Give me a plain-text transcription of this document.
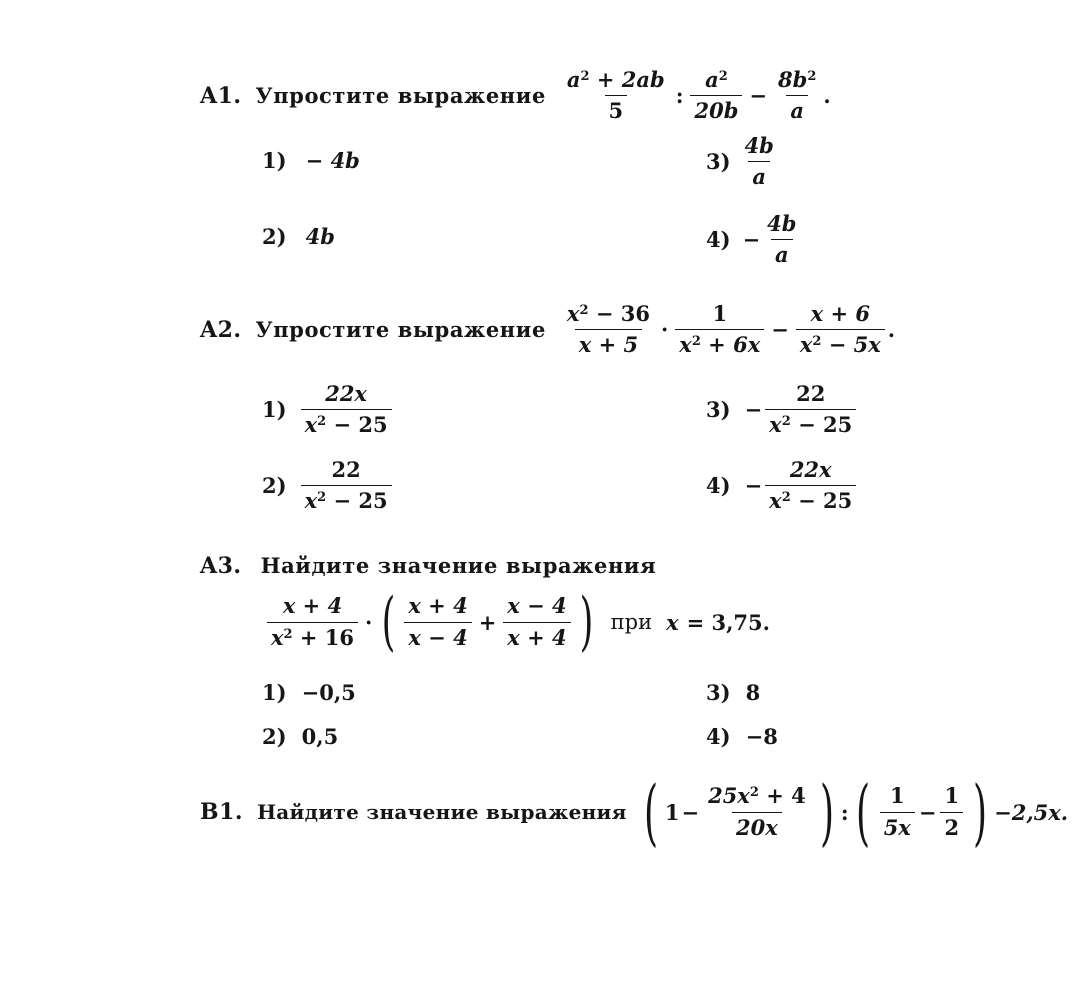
A1. Упростите выражение $\frac{a^2 + 2ab}{5}$ : $\frac{a^2}{20b} - \frac{8b^2}{a}$ .
1) − 4b
2) 4b
$3) \frac{4b}{a}$
$4) - \frac{4b}{a}$
A2. Упростите выражение $\frac{x^2 - 36}{x + 5} \cdot \frac{1}{x^2 + 6x} - \frac{x + 6}{x^2 - 5x}$ .
$1) \frac{22x}{x^2 - 25}$
$2) \frac{22}{x^2 - 25}$
$3) - \frac{22}{x^2 - 25}$
$4) - \frac{22x}{x^2 - 25}$
A3. Найдите значение выражения
$\frac{x + 4}{x^2 + 16}$ · ( $\frac{x + 4}{x - 4} + \frac{x - 4}{x + 4}$ ) при x = 3,75.
1) −0,5
2) 0,5
3) 8
4) −8
B1. Найдите значение выражения ( $1 - \frac{25x^2 + 4}{20x}$ ) : ( $\frac{1}{5x} - \frac{1}{2}$ ) −2,5x.
